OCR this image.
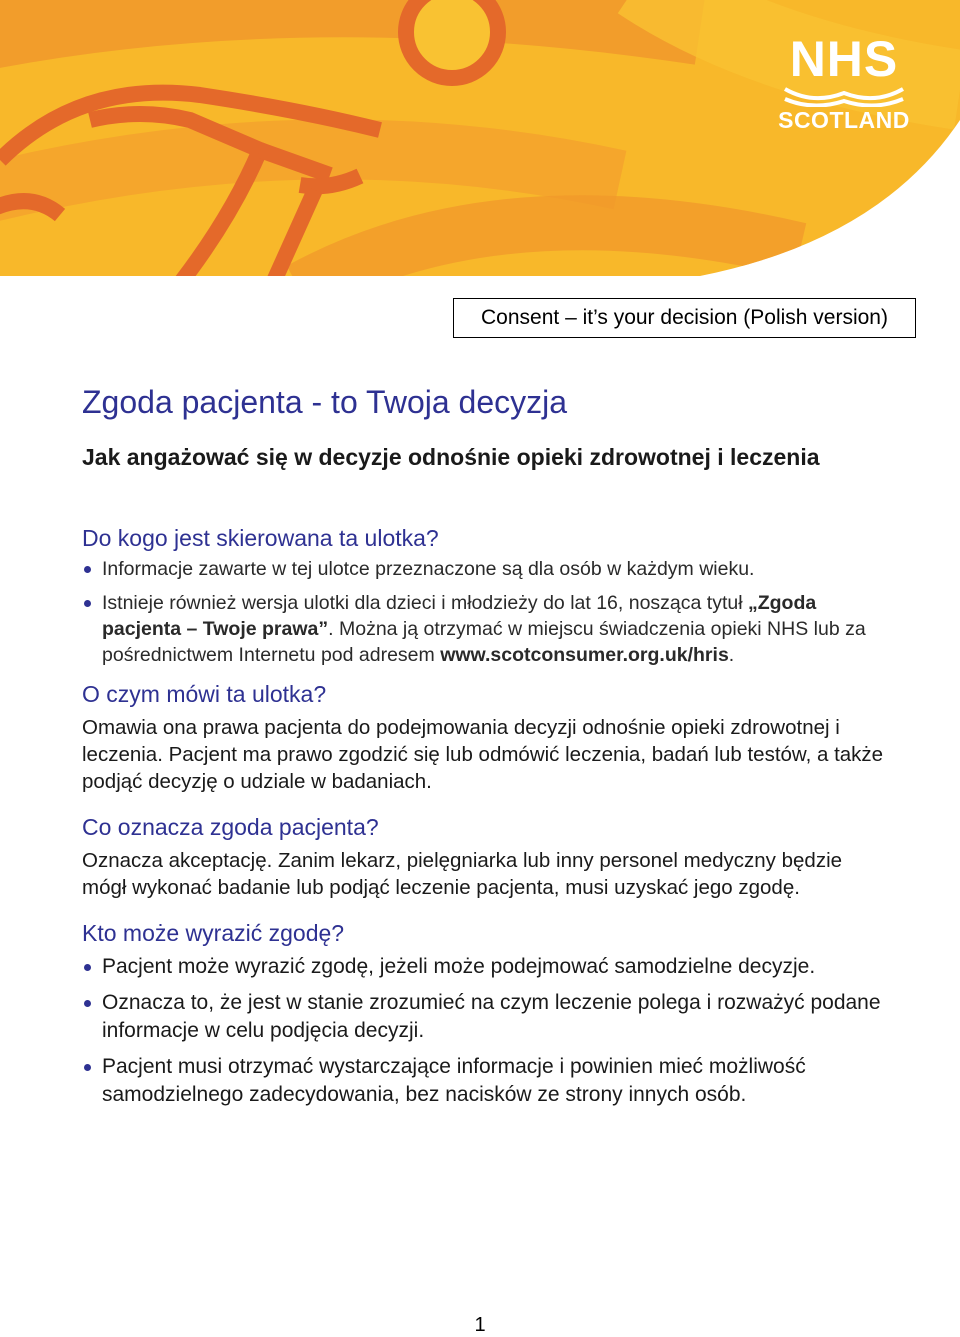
NHS
SCOTLAND
Consent – it’s your decision (Polish version)
Zgoda pacjenta - to Twoja decyzja
Jak angażować się w decyzje odnośnie opieki zdrowotnej i leczenia
Do kogo jest skierowana ta ulotka?
Informacje zawarte w tej ulotce przeznaczone są dla osób w każdym wieku.
Istnieje również wersja ulotki dla dzieci i młodzieży do lat 16, nosząca tytuł „Zgoda pacjenta – Twoje prawa”. Można ją otrzymać w miejscu świadczenia opieki NHS lub za pośrednictwem Internetu pod adresem www.scotconsumer.org.uk/hris.
O czym mówi ta ulotka?

Omawia ona prawa pacjenta do podejmowania decyzji odnośnie opieki zdrowotnej i leczenia. Pacjent ma prawo zgodzić się lub odmówić leczenia, badań lub testów, a także podjąć decyzję o udziale w badaniach.

Co oznacza zgoda pacjenta?

Oznacza akceptację. Zanim lekarz, pielęgniarka lub inny personel medyczny będzie mógł wykonać badanie lub podjąć leczenie pacjenta, musi uzyskać jego zgodę.

Kto może wyrazić zgodę?
Pacjent może wyrazić zgodę, jeżeli może podejmować samodzielne decyzje.
Oznacza to, że jest w stanie zrozumieć na czym leczenie polega i rozważyć podane informacje w celu podjęcia decyzji.
Pacjent musi otrzymać wystarczające informacje i powinien mieć możliwość samodzielnego zadecydowania, bez nacisków ze strony innych osób.
1
